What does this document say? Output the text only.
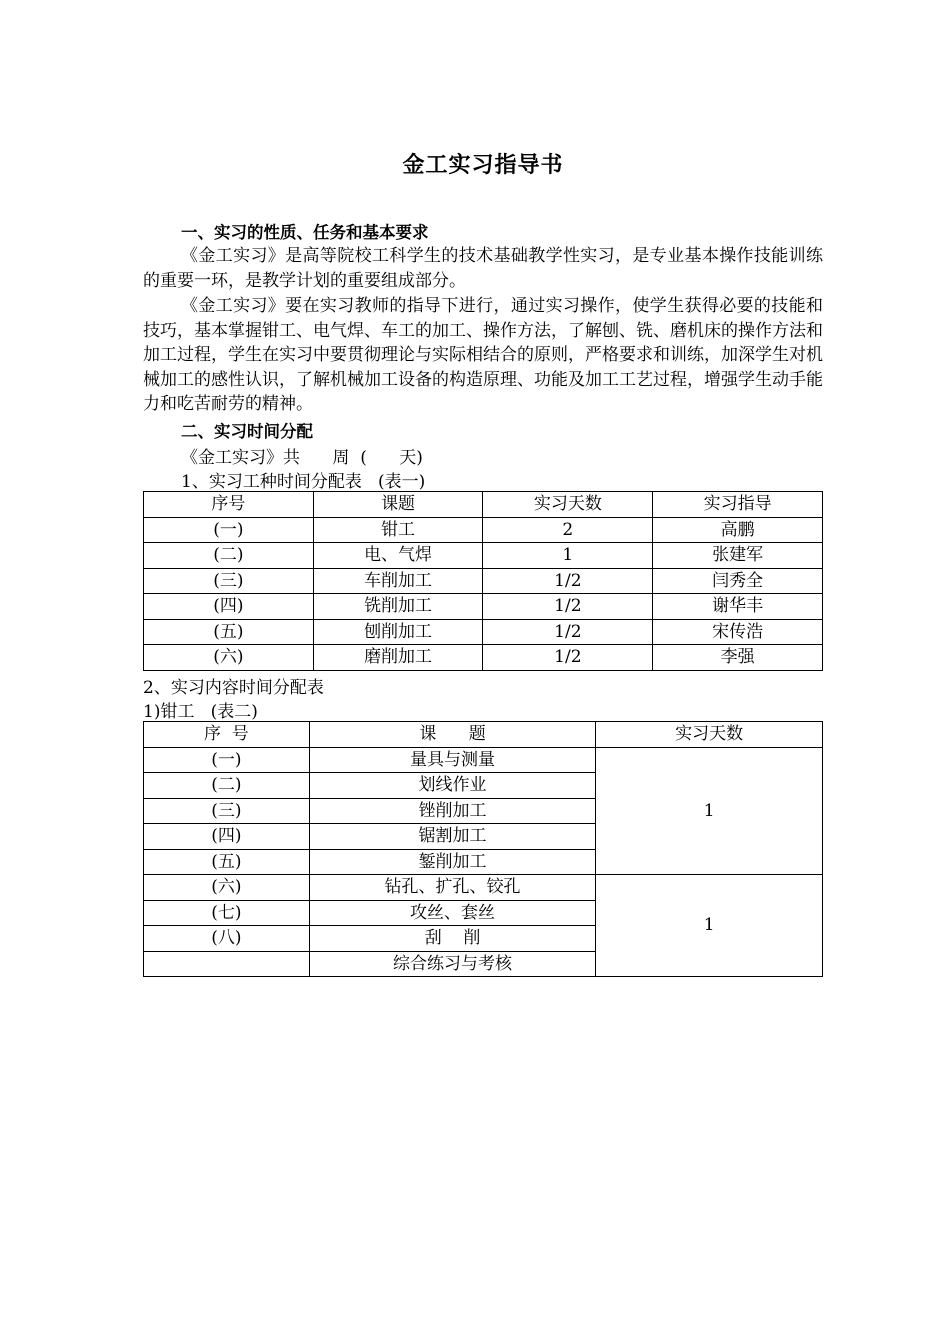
金工实习指导书
一、实习的性质、任务和基本要求
《金工实习》是高等院校工科学生的技术基础教学性实习，是专业基本操作技能训练的重要一环，是教学计划的重要组成部分。
《金工实习》要在实习教师的指导下进行，通过实习操作，使学生获得必要的技能和技巧，基本掌握钳工、电气焊、车工的加工、操作方法，了解刨、铣、磨机床的操作方法和加工过程，学生在实习中要贯彻理论与实际相结合的原则，严格要求和训练，加深学生对机械加工的感性认识，了解机械加工设备的构造原理、功能及加工工艺过程，增强学生动手能力和吃苦耐劳的精神。
二、实习时间分配
《金工实习》共      周  (      天)
1、实习工种时间分配表   (表一)
序号	课题	实习天数	实习指导
(一)	钳工	2	高鹏
(二)	电、气焊	1	张建军
(三)	车削加工	1/2	闫秀全
(四)	铣削加工	1/2	谢华丰
(五)	刨削加工	1/2	宋传浩
(六)	磨削加工	1/2	李强
2、实习内容时间分配表
1)钳工   (表二)
序  号	课      题	实习天数
(一)	量具与测量	1
(二)	划线作业	
(三)	锉削加工	
(四)	锯割加工	
(五)	錾削加工	
(六)	钻孔、扩孔、铰孔	1
(七)	攻丝、套丝	
(八)	刮    削	
	综合练习与考核	
